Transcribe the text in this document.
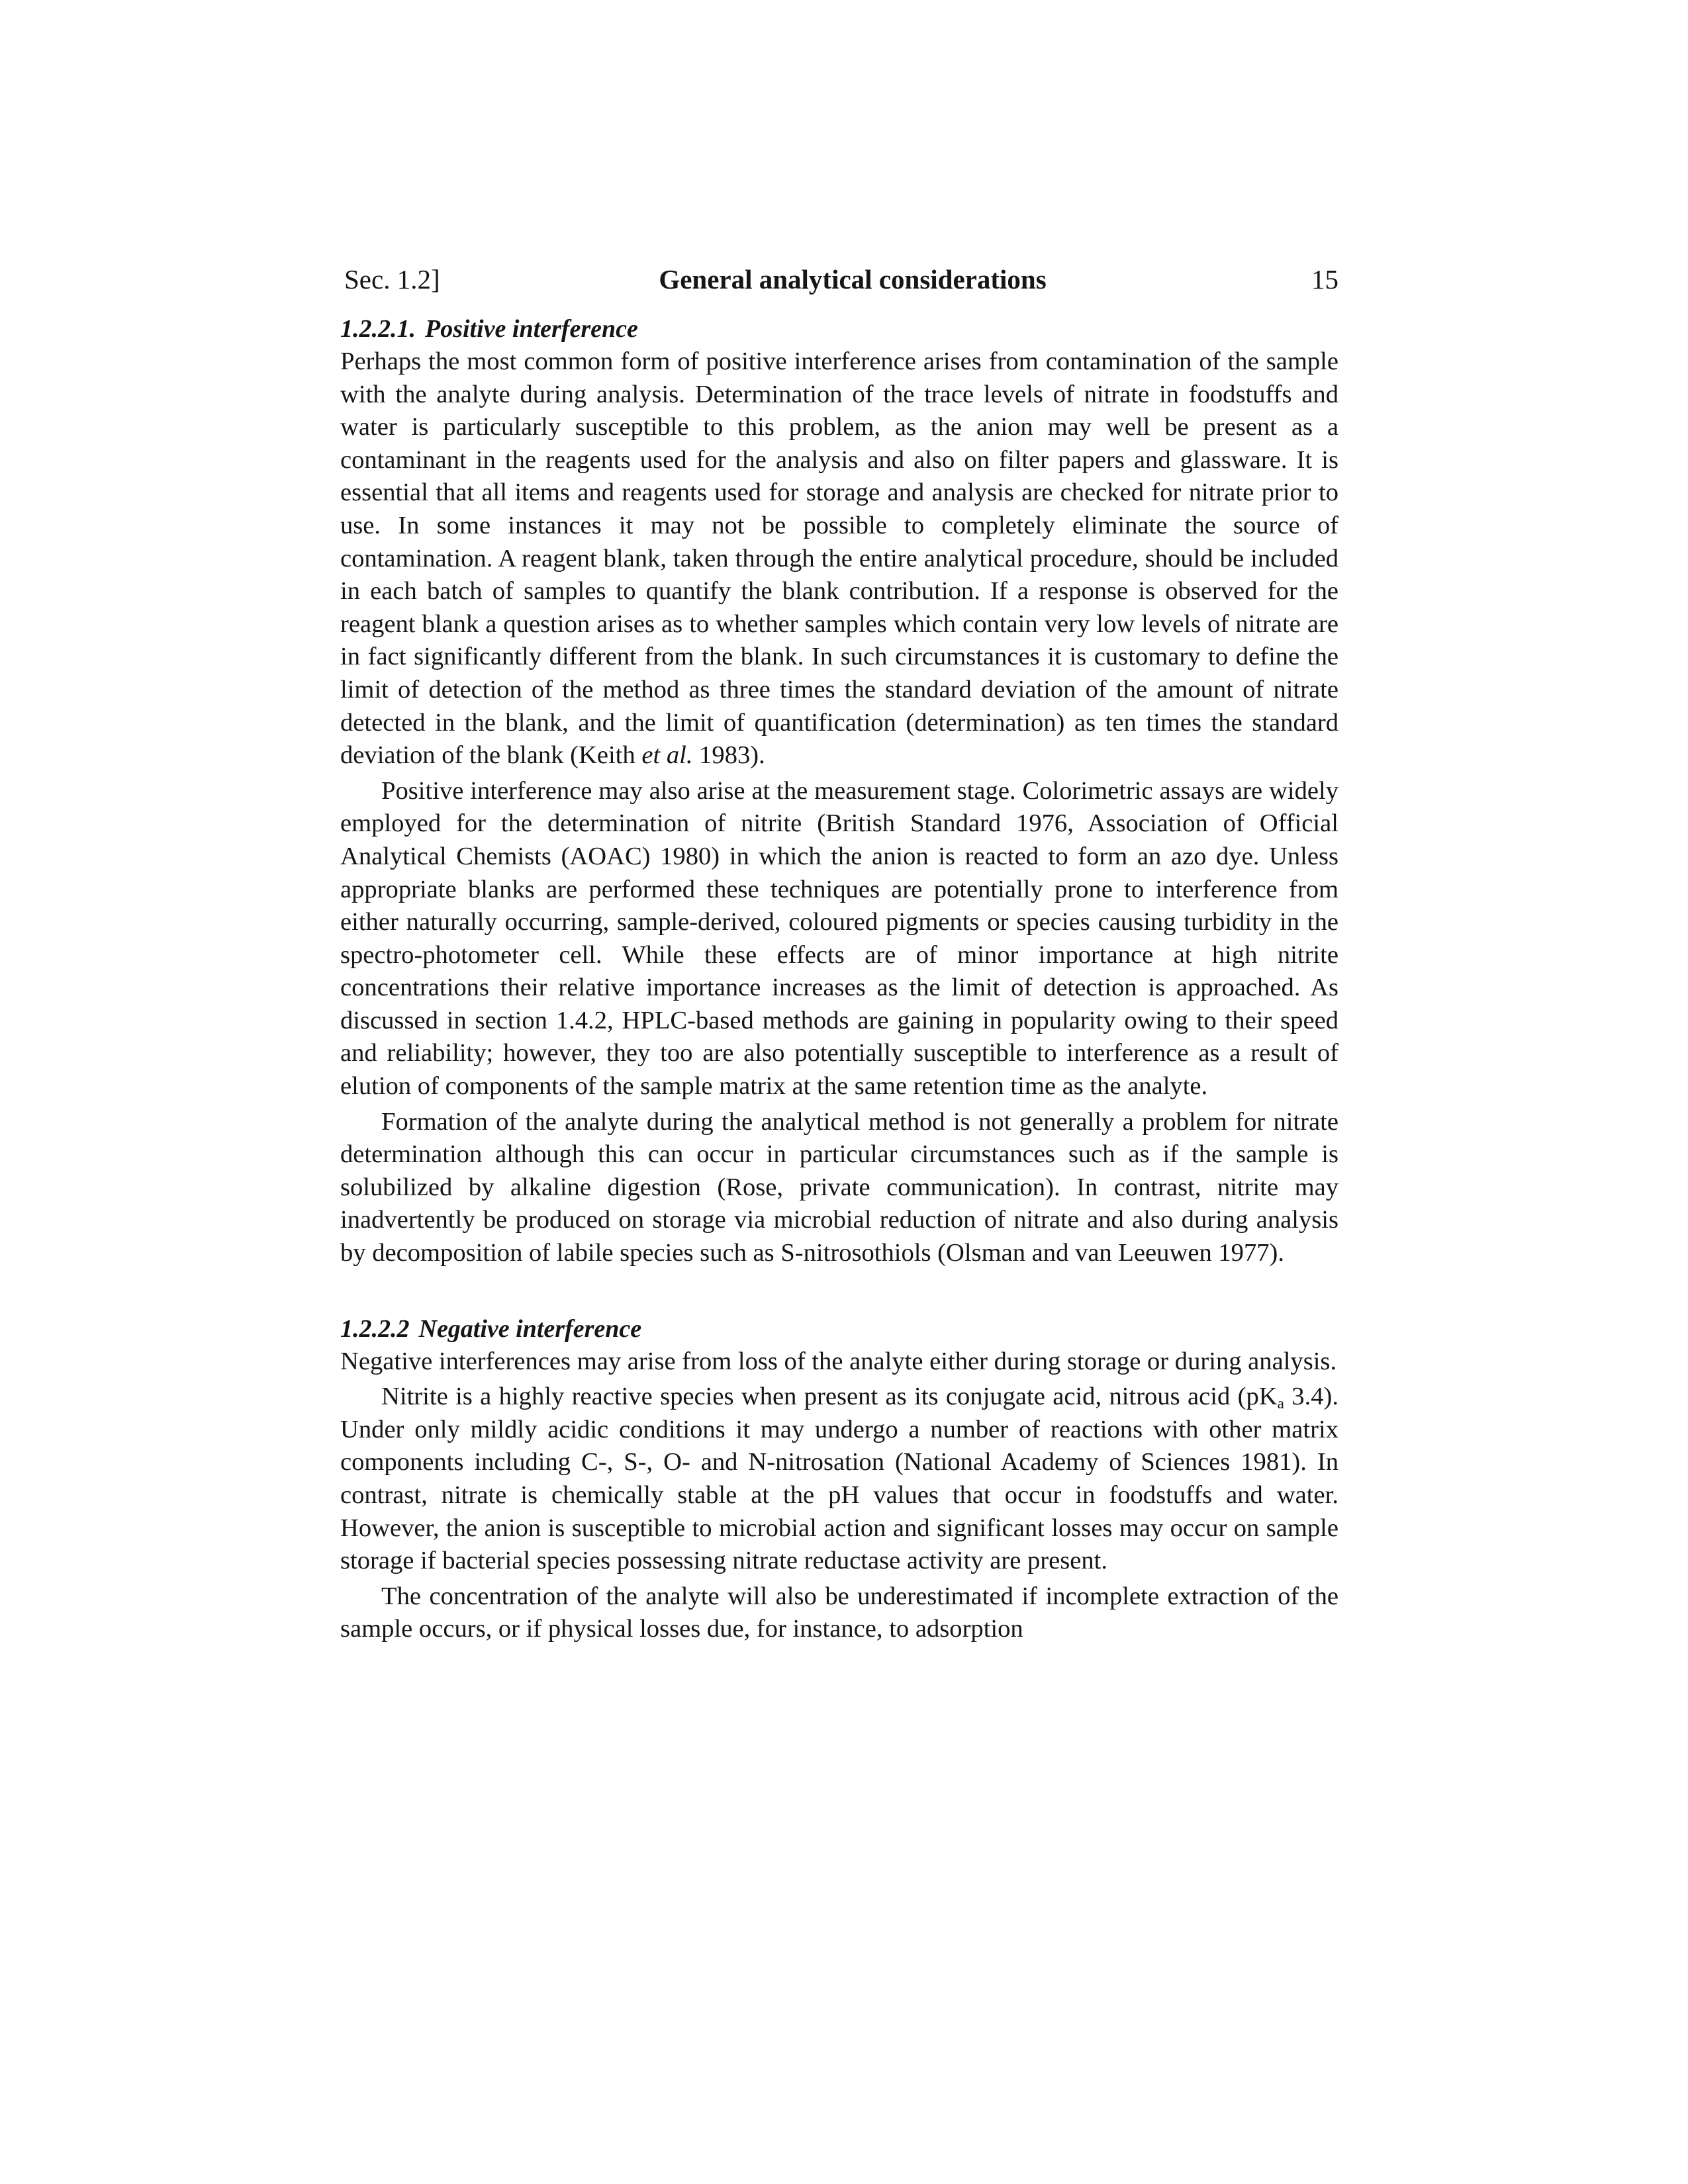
Sec. 1.2]	General analytical considerations	15
1.2.2.1. Positive interference

Perhaps the most common form of positive interference arises from contamination of the sample with the analyte during analysis. Determination of the trace levels of nitrate in foodstuffs and water is particularly susceptible to this problem, as the anion may well be present as a contaminant in the reagents used for the analysis and also on filter papers and glassware. It is essential that all items and reagents used for storage and analysis are checked for nitrate prior to use. In some instances it may not be possible to completely eliminate the source of contamination. A reagent blank, taken through the entire analytical procedure, should be included in each batch of samples to quantify the blank contribution. If a response is observed for the reagent blank a question arises as to whether samples which contain very low levels of nitrate are in fact significantly different from the blank. In such circumstances it is customary to define the limit of detection of the method as three times the standard deviation of the amount of nitrate detected in the blank, and the limit of quantification (determination) as ten times the standard deviation of the blank (Keith et al. 1983).

Positive interference may also arise at the measurement stage. Colorimetric assays are widely employed for the determination of nitrite (British Standard 1976, Association of Official Analytical Chemists (AOAC) 1980) in which the anion is reacted to form an azo dye. Unless appropriate blanks are performed these techniques are potentially prone to interference from either naturally occurring, sample-derived, coloured pigments or species causing turbidity in the spectro-photometer cell. While these effects are of minor importance at high nitrite concentrations their relative importance increases as the limit of detection is approached. As discussed in section 1.4.2, HPLC-based methods are gaining in popularity owing to their speed and reliability; however, they too are also potentially susceptible to interference as a result of elution of components of the sample matrix at the same retention time as the analyte.

Formation of the analyte during the analytical method is not generally a problem for nitrate determination although this can occur in particular circumstances such as if the sample is solubilized by alkaline digestion (Rose, private communication). In contrast, nitrite may inadvertently be produced on storage via microbial reduction of nitrate and also during analysis by decomposition of labile species such as S-nitrosothiols (Olsman and van Leeuwen 1977).

1.2.2.2 Negative interference

Negative interferences may arise from loss of the analyte either during storage or during analysis.

Nitrite is a highly reactive species when present as its conjugate acid, nitrous acid ($pK_a$ 3.4). Under only mildly acidic conditions it may undergo a number of reactions with other matrix components including C-, S-, O- and N-nitrosation (National Academy of Sciences 1981). In contrast, nitrate is chemically stable at the pH values that occur in foodstuffs and water. However, the anion is susceptible to microbial action and significant losses may occur on sample storage if bacterial species possessing nitrate reductase activity are present.

The concentration of the analyte will also be underestimated if incomplete extraction of the sample occurs, or if physical losses due, for instance, to adsorption
